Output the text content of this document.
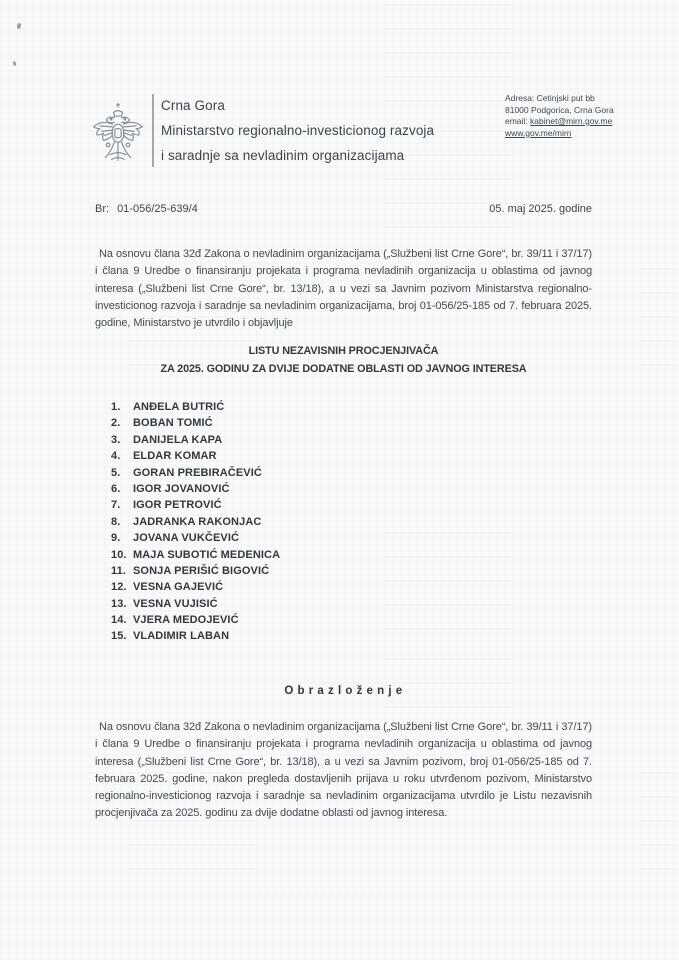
Crna Gora
Ministarstvo regionalno-investicionog razvoja
i saradnje sa nevladinim organizacijama
Adresa: Cetinjski put bb
81000 Podgorica, Crna Gora
email: kabinet@mirn.gov.me
www.gov.me/mirn
Br: 01-056/25-639/4	05. maj 2025. godine

Na osnovu člana 32đ Zakona o nevladinim organizacijama („Službeni list Crne Gore“, br. 39/11 i 37/17) i člana 9 Uredbe o finansiranju projekata i programa nevladinih organizacija u oblastima od javnog interesa („Službeni list Crne Gore“, br. 13/18), a u vezi sa Javnim pozivom Ministarstva regionalno-investicionog razvoja i saradnje sa nevladinim organizacijama, broj 01-056/25-185 od 7. februara 2025. godine, Ministarstvo je utvrdilo i objavljuje

LISTU NEZAVISNIH PROCJENJIVAČA
ZA 2025. GODINU ZA DVIJE DODATNE OBLASTI OD JAVNOG INTERESA
1.	ANĐELA BUTRIĆ
2.	BOBAN TOMIĆ
3.	DANIJELA KAPA
4.	ELDAR KOMAR
5.	GORAN PREBIRAČEVIĆ
6.	IGOR JOVANOVIĆ
7.	IGOR PETROVIĆ
8.	JADRANKA RAKONJAC
9.	JOVANA VUKČEVIĆ
10. MAJA SUBOTIĆ MEDENICA
11. SONJA PERIŠIĆ BIGOVIĆ
12. VESNA GAJEVIĆ
13. VESNA VUJISIĆ
14. VJERA MEDOJEVIĆ
15. VLADIMIR LABAN
O b r a z l o ž e n j e

Na osnovu člana 32đ Zakona o nevladinim organizacijama („Službeni list Crne Gore“, br. 39/11 i 37/17) i člana 9 Uredbe o finansiranju projekata i programa nevladinih organizacija u oblastima od javnog interesa („Službeni list Crne Gore“, br. 13/18), a u vezi sa Javnim pozivom, broj 01-056/25-185 od 7. februara 2025. godine, nakon pregleda dostavljenih prijava u roku utvrđenom pozivom, Ministarstvo regionalno-investicionog razvoja i saradnje sa nevladinim organizacijama utvrdilo je Listu nezavisnih procjenjivača za 2025. godinu za dvije dodatne oblasti od javnog interesa.
